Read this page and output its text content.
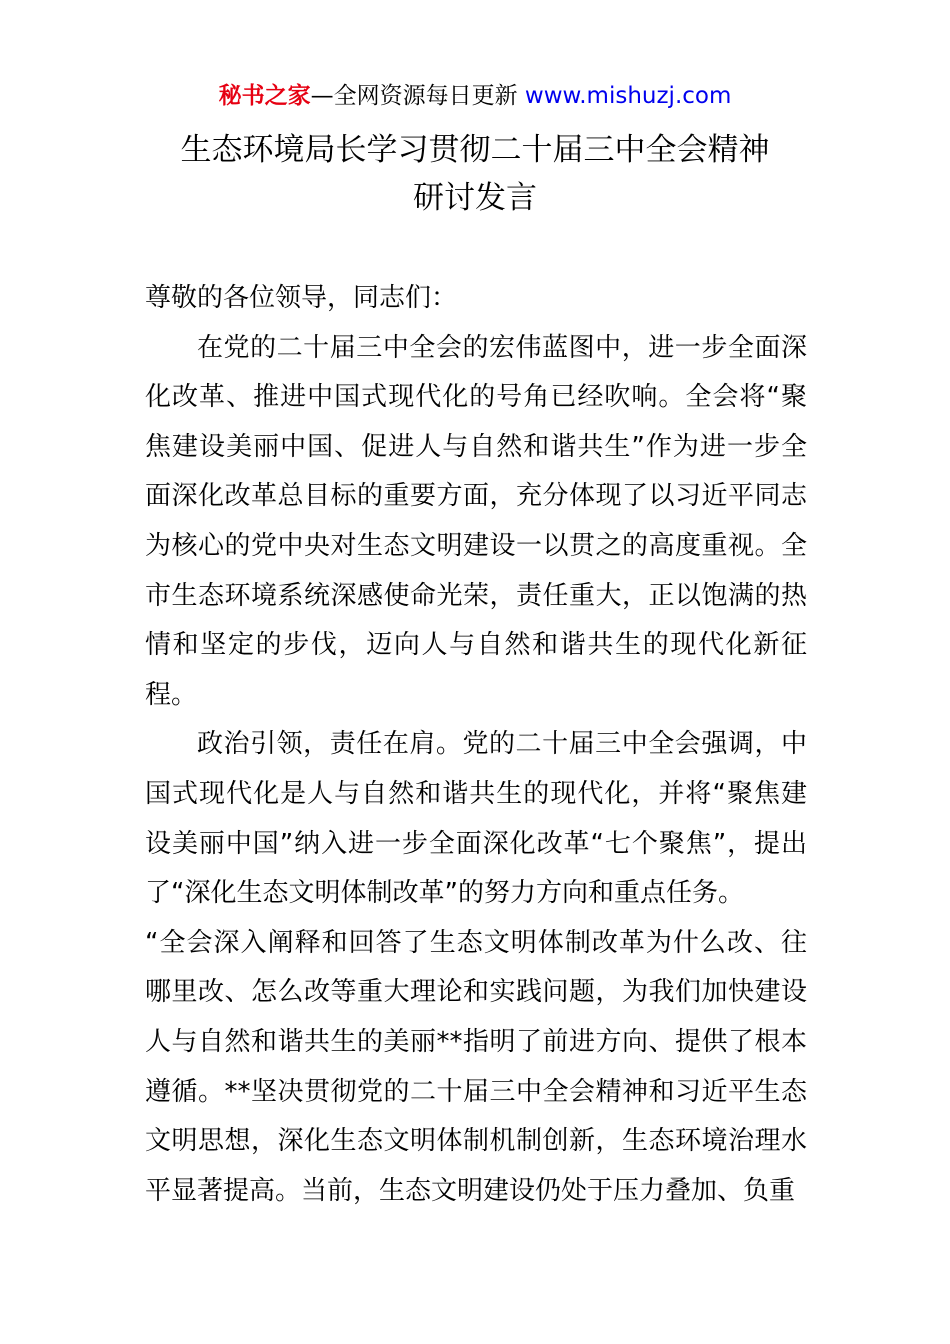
秘书之家—全网资源每日更新 www.mishuzj.com
生态环境局长学习贯彻二十届三中全会精神
研讨发言

尊敬的各位领导，同志们：

在党的二十届三中全会的宏伟蓝图中，进一步全面深化改革、推进中国式现代化的号角已经吹响。全会将“聚焦建设美丽中国、促进人与自然和谐共生”作为进一步全面深化改革总目标的重要方面，充分体现了以习近平同志为核心的党中央对生态文明建设一以贯之的高度重视。全市生态环境系统深感使命光荣，责任重大，正以饱满的热情和坚定的步伐，迈向人与自然和谐共生的现代化新征程。

政治引领，责任在肩。党的二十届三中全会强调，中国式现代化是人与自然和谐共生的现代化，并将“聚焦建设美丽中国”纳入进一步全面深化改革“七个聚焦”，提出了“深化生态文明体制改革”的努力方向和重点任务。

“全会深入阐释和回答了生态文明体制改革为什么改、往哪里改、怎么改等重大理论和实践问题，为我们加快建设人与自然和谐共生的美丽**指明了前进方向、提供了根本遵循。**坚决贯彻党的二十届三中全会精神和习近平生态文明思想，深化生态文明体制机制创新，生态环境治理水平显著提高。当前，生态文明建设仍处于压力叠加、负重
